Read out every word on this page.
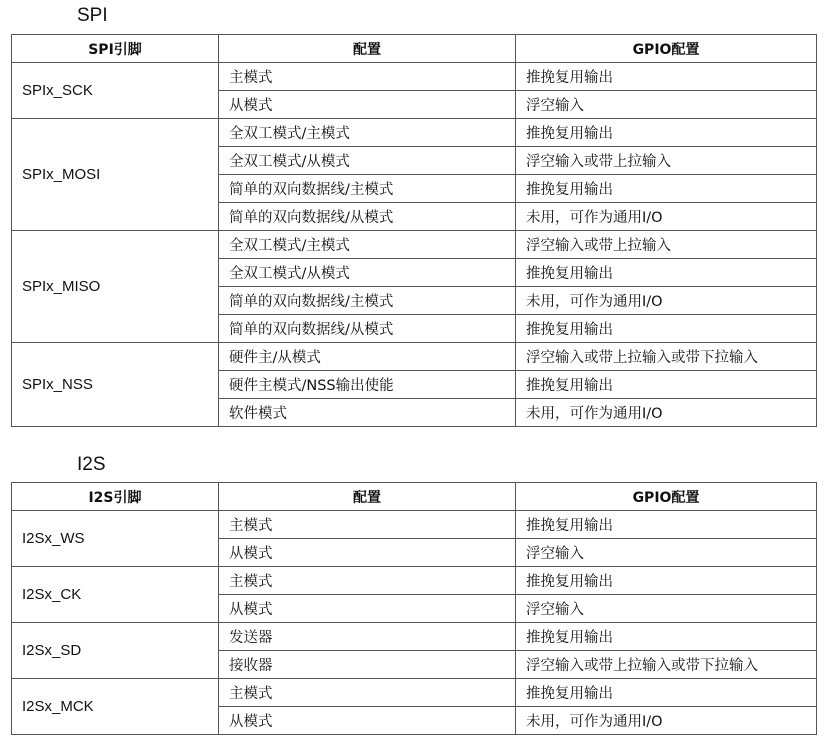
SPI
SPI引脚	配置	GPIO配置
SPIx_SCK	主模式	推挽复用输出
	从模式	浮空输入
SPIx_MOSI	全双工模式/主模式	推挽复用输出
	全双工模式/从模式	浮空输入或带上拉输入
	简单的双向数据线/主模式	推挽复用输出
	简单的双向数据线/从模式	未用，可作为通用I/O
SPIx_MISO	全双工模式/主模式	浮空输入或带上拉输入
	全双工模式/从模式	推挽复用输出
	简单的双向数据线/主模式	未用，可作为通用I/O
	简单的双向数据线/从模式	推挽复用输出
SPIx_NSS	硬件主/从模式	浮空输入或带上拉输入或带下拉输入
	硬件主模式/NSS输出使能	推挽复用输出
	软件模式	未用，可作为通用I/O
I2S
I2S引脚	配置	GPIO配置
I2Sx_WS	主模式	推挽复用输出
	从模式	浮空输入
I2Sx_CK	主模式	推挽复用输出
	从模式	浮空输入
I2Sx_SD	发送器	推挽复用输出
	接收器	浮空输入或带上拉输入或带下拉输入
I2Sx_MCK	主模式	推挽复用输出
	从模式	未用，可作为通用I/O
